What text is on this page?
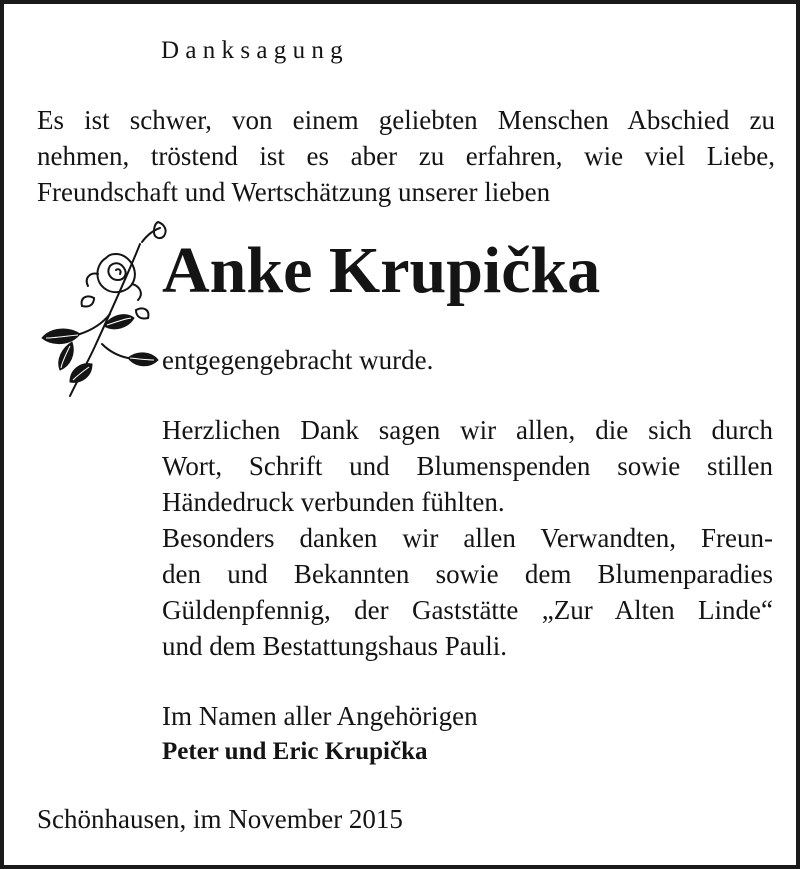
Danksagung
Es ist schwer, von einem geliebten Menschen Abschied zu
nehmen, tröstend ist es aber zu erfahren, wie viel Liebe,
Freundschaft und Wertschätzung unserer lieben
Anke Krupička
entgegengebracht wurde.
Herzlichen Dank sagen wir allen, die sich durch
Wort, Schrift und Blumenspenden sowie stillen
Händedruck verbunden fühlten.
Besonders danken wir allen Verwandten, Freun-
den und Bekannten sowie dem Blumenparadies
Güldenpfennig, der Gaststätte „Zur Alten Linde“
und dem Bestattungshaus Pauli.
Im Namen aller Angehörigen
Peter und Eric Krupička
Schönhausen, im November 2015
